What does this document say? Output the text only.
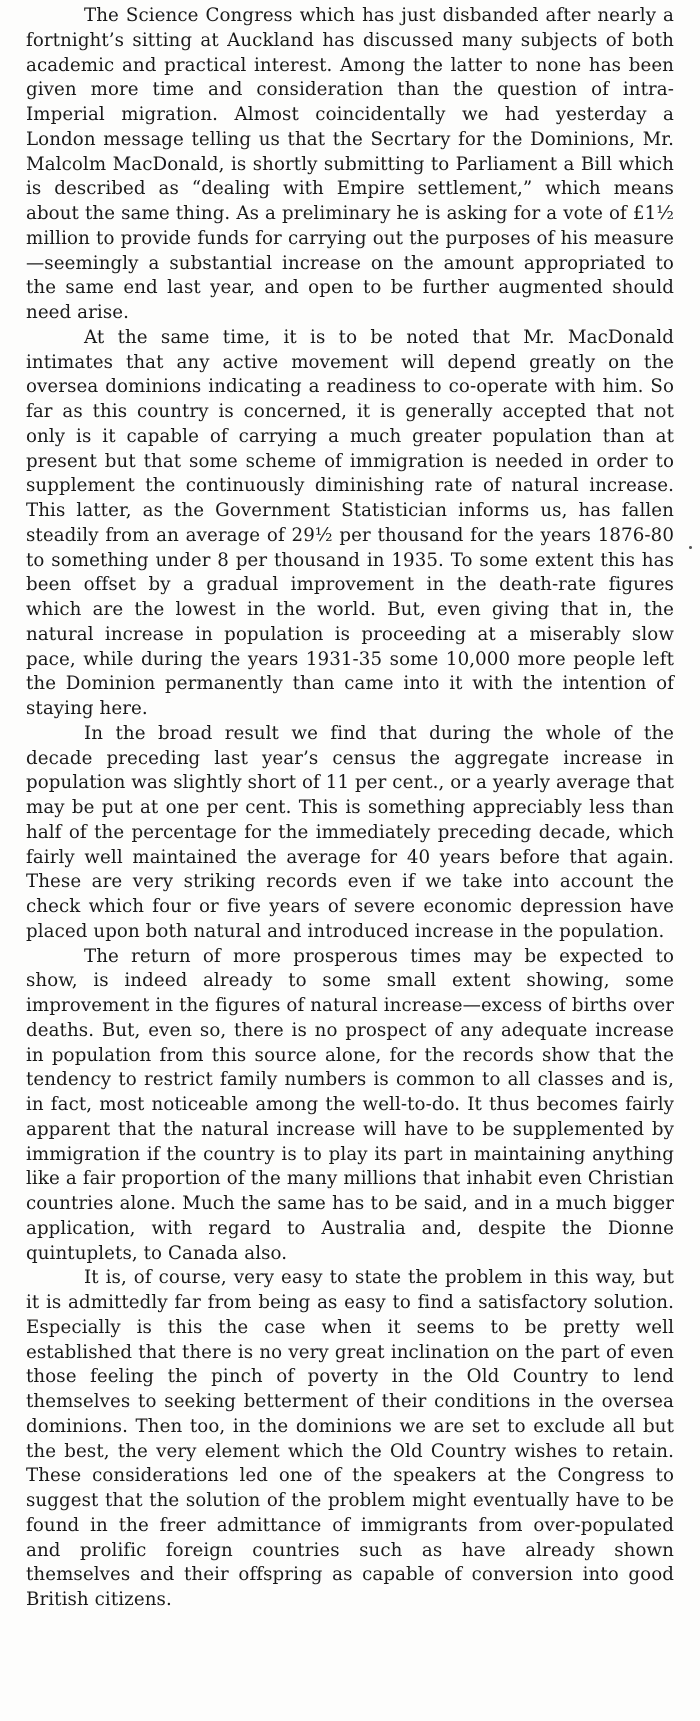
The Science Congress which has just disbanded after nearly a fortnight’s sitting at Auckland has discussed many subjects of both academic and practical interest. Among the latter to none has been given more time and consideration than the question of intra-Imperial migration. Almost coincidentally we had yesterday a London message telling us that the Secrtary for the Dominions, Mr. Malcolm MacDonald, is shortly submitting to Parliament a Bill which is described as “dealing with Empire settlement,” which means about the same thing. As a preliminary he is asking for a vote of £1½ million to provide funds for carrying out the purposes of his measure—seemingly a substantial increase on the amount appropriated to the same end last year, and open to be further augmented should need arise.

At the same time, it is to be noted that Mr. MacDonald intimates that any active movement will depend greatly on the oversea dominions indicating a readiness to co-operate with him. So far as this country is concerned, it is generally accepted that not only is it capable of carrying a much greater population than at present but that some scheme of immigration is needed in order to supplement the continuously diminishing rate of natural increase. This latter, as the Government Statistician informs us, has fallen steadily from an average of 29½ per thousand for the years 1876-80 to something under 8 per thousand in 1935. To some extent this has been offset by a gradual improvement in the death-rate figures which are the lowest in the world. But, even giving that in, the natural increase in population is proceeding at a miserably slow pace, while during the years 1931-35 some 10,000 more people left the Dominion permanently than came into it with the intention of staying here.

In the broad result we find that during the whole of the decade preceding last year’s census the aggregate increase in population was slightly short of 11 per cent., or a yearly average that may be put at one per cent. This is something appreciably less than half of the percentage for the immediately preceding decade, which fairly well maintained the average for 40 years before that again. These are very striking records even if we take into account the check which four or five years of severe economic depression have placed upon both natural and introduced increase in the population.

The return of more prosperous times may be expected to show, is indeed already to some small extent showing, some improvement in the figures of natural increase—excess of births over deaths. But, even so, there is no prospect of any adequate increase in population from this source alone, for the records show that the tendency to restrict family numbers is common to all classes and is, in fact, most noticeable among the well-to-do. It thus becomes fairly apparent that the natural increase will have to be supplemented by immigration if the country is to play its part in maintaining anything like a fair proportion of the many millions that inhabit even Christian countries alone. Much the same has to be said, and in a much bigger application, with regard to Australia and, despite the Dionne quintuplets, to Canada also.

It is, of course, very easy to state the problem in this way, but it is admittedly far from being as easy to find a satisfactory solution. Especially is this the case when it seems to be pretty well established that there is no very great inclination on the part of even those feeling the pinch of poverty in the Old Country to lend themselves to seeking betterment of their conditions in the oversea dominions. Then too, in the dominions we are set to exclude all but the best, the very element which the Old Country wishes to retain. These considerations led one of the speakers at the Congress to suggest that the solution of the problem might eventually have to be found in the freer admittance of immigrants from over-populated and prolific foreign countries such as have already shown themselves and their offspring as capable of conversion into good British citizens.
